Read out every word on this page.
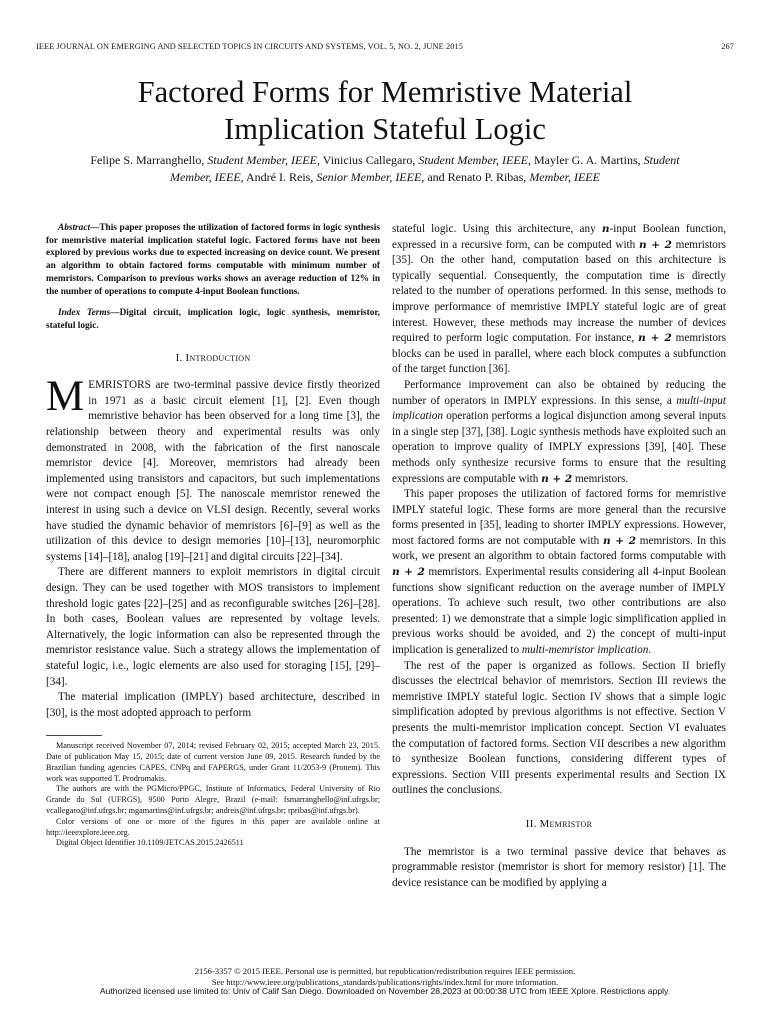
IEEE JOURNAL ON EMERGING AND SELECTED TOPICS IN CIRCUITS AND SYSTEMS, VOL. 5, NO. 2, JUNE 2015	267
Factored Forms for Memristive Material
Implication Stateful Logic
Felipe S. Marranghello, Student Member, IEEE, Vinicius Callegaro, Student Member, IEEE, Mayler G. A. Martins, Student Member, IEEE, André I. Reis, Senior Member, IEEE, and Renato P. Ribas, Member, IEEE
Abstract—This paper proposes the utilization of factored forms in logic synthesis for memristive material implication stateful logic. Factored forms have not been explored by previous works due to expected increasing on device count. We present an algorithm to obtain factored forms computable with minimum number of memristors. Comparison to previous works shows an average reduction of 12% in the number of operations to compute 4-input Boolean functions.
Index Terms—Digital circuit, implication logic, logic synthesis, memristor, stateful logic.
I. Introduction
M EMRISTORS are two-terminal passive device firstly theorized in 1971 as a basic circuit element [1], [2]. Even though memristive behavior has been observed for a long time [3], the relationship between theory and experimental results was only demonstrated in 2008, with the fabrication of the first nanoscale memristor device [4]. Moreover, memristors had already been implemented using transistors and capacitors, but such implementations were not compact enough [5]. The nanoscale memristor renewed the interest in using such a device on VLSI design. Recently, several works have studied the dynamic behavior of memristors [6]–[9] as well as the utilization of this device to design memories [10]–[13], neuromorphic systems [14]–[18], analog [19]–[21] and digital circuits [22]–[34].

There are different manners to exploit memristors in digital circuit design. They can be used together with MOS transistors to implement threshold logic gates [22]–[25] and as reconfigurable switches [26]–[28]. In both cases, Boolean values are represented by voltage levels. Alternatively, the logic information can also be represented through the memristor resistance value. Such a strategy allows the implementation of stateful logic, i.e., logic elements are also used for storaging [15], [29]–[34].

The material implication (IMPLY) based architecture, described in [30], is the most adopted approach to perform

Manuscript received November 07, 2014; revised February 02, 2015; accepted March 23, 2015. Date of publication May 15, 2015; date of current version June 09, 2015. Research funded by the Brazilian funding agencies CAPES, CNPq and FAPERGS, under Grant 11/2053-9 (Pronem). This work was supported T. Prodromakis.

The authors are with the PGMicro/PPGC, Institute of Informatics, Federal University of Rio Grande do Sul (UFRGS), 9500 Porto Alegre, Brazil (e-mail: fsmarranghello@inf.ufrgs.br; vcallegaro@inf.ufrgs.br; mgamartins@inf.ufrgs.br; andreis@inf.ufrgs.br; rpribas@inf.ufrgs.br).

Color versions of one or more of the figures in this paper are available online at http://ieeexplore.ieee.org.

Digital Object Identifier 10.1109/JETCAS.2015.2426511

stateful logic. Using this architecture, any n-input Boolean function, expressed in a recursive form, can be computed with n + 2 memristors [35]. On the other hand, computation based on this architecture is typically sequential. Consequently, the computation time is directly related to the number of operations performed. In this sense, methods to improve performance of memristive IMPLY stateful logic are of great interest. However, these methods may increase the number of devices required to perform logic computation. For instance, n + 2 memristors blocks can be used in parallel, where each block computes a subfunction of the target function [36].

Performance improvement can also be obtained by reducing the number of operators in IMPLY expressions. In this sense, a multi-input implication operation performs a logical disjunction among several inputs in a single step [37], [38]. Logic synthesis methods have exploited such an operation to improve quality of IMPLY expressions [39], [40]. These methods only synthesize recursive forms to ensure that the resulting expressions are computable with n + 2 memristors.

This paper proposes the utilization of factored forms for memristive IMPLY stateful logic. These forms are more general than the recursive forms presented in [35], leading to shorter IMPLY expressions. However, most factored forms are not computable with n + 2 memristors. In this work, we present an algorithm to obtain factored forms computable with n + 2 memristors. Experimental results considering all 4-input Boolean functions show significant reduction on the average number of IMPLY operations. To achieve such result, two other contributions are also presented: 1) we demonstrate that a simple logic simplification applied in previous works should be avoided, and 2) the concept of multi-input implication is generalized to multi-memristor implication.

The rest of the paper is organized as follows. Section II briefly discusses the electrical behavior of memristors. Section III reviews the memristive IMPLY stateful logic. Section IV shows that a simple logic simplification adopted by previous algorithms is not effective. Section V presents the multi-memristor implication concept. Section VI evaluates the computation of factored forms. Section VII describes a new algorithm to synthesize Boolean functions, considering different types of expressions. Section VIII presents experimental results and Section IX outlines the conclusions.

II. Memristor

The memristor is a two terminal passive device that behaves as programmable resistor (memristor is short for memory resistor) [1]. The device resistance can be modified by applying a

2156-3357 © 2015 IEEE. Personal use is permitted, but republication/redistribution requires IEEE permission.
See http://www.ieee.org/publications_standards/publications/rights/index.html for more information.
Authorized licensed use limited to: Univ of Calif San Diego. Downloaded on November 28,2023 at 00:00:38 UTC from IEEE Xplore. Restrictions apply.
